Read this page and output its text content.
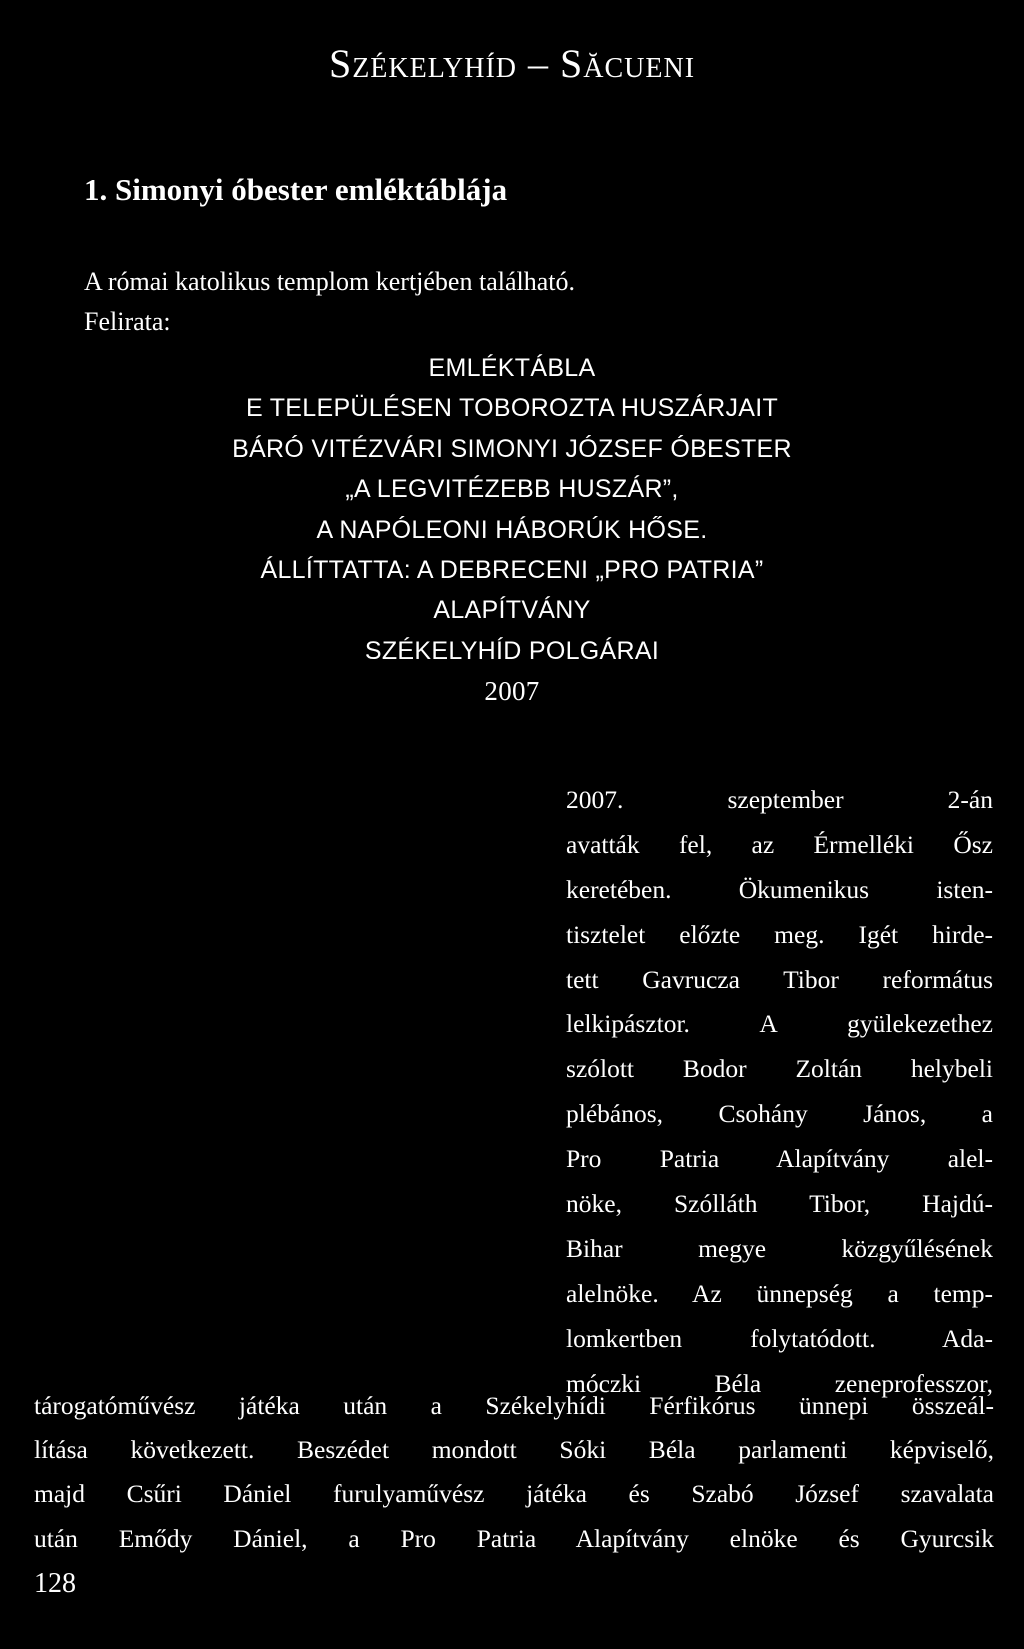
Székelyhíd – Săcueni
1. Simonyi óbester emléktáblája
A római katolikus templom kertjében található.
Felirata:
EMLÉKTÁBLA
E TELEPÜLÉSEN TOBOROZTA HUSZÁRJAIT
BÁRÓ VITÉZVÁRI SIMONYI JÓZSEF ÓBESTER
„A LEGVITÉZEBB HUSZÁR”,
A NAPÓLEONI HÁBORÚK HŐSE.
ÁLLÍTTATTA: A DEBRECENI „PRO PATRIA”
ALAPÍTVÁNY
SZÉKELYHÍD POLGÁRAI
2007
2007. szeptember 2-án
avatták fel, az Érmelléki Ősz
keretében. Ökumenikus isten-
tisztelet előzte meg. Igét hirde-
tett Gavrucza Tibor református
lelkipásztor. A gyülekezethez
szólott Bodor Zoltán helybeli
plébános, Csohány János, a
Pro Patria Alapítvány alel-
nöke, Szólláth Tibor, Hajdú-
Bihar megye közgyűlésének
alelnöke. Az ünnepség a temp-
lomkertben folytatódott. Ada-
móczki Béla zeneprofesszor,
tárogatóművész játéka után a Székelyhídi Férfikórus ünnepi összeál-
lítása következett. Beszédet mondott Sóki Béla parlamenti képviselő,
majd Csűri Dániel furulyaművész játéka és Szabó József szavalata
után Emődy Dániel, a Pro Patria Alapítvány elnöke és Gyurcsik
128
